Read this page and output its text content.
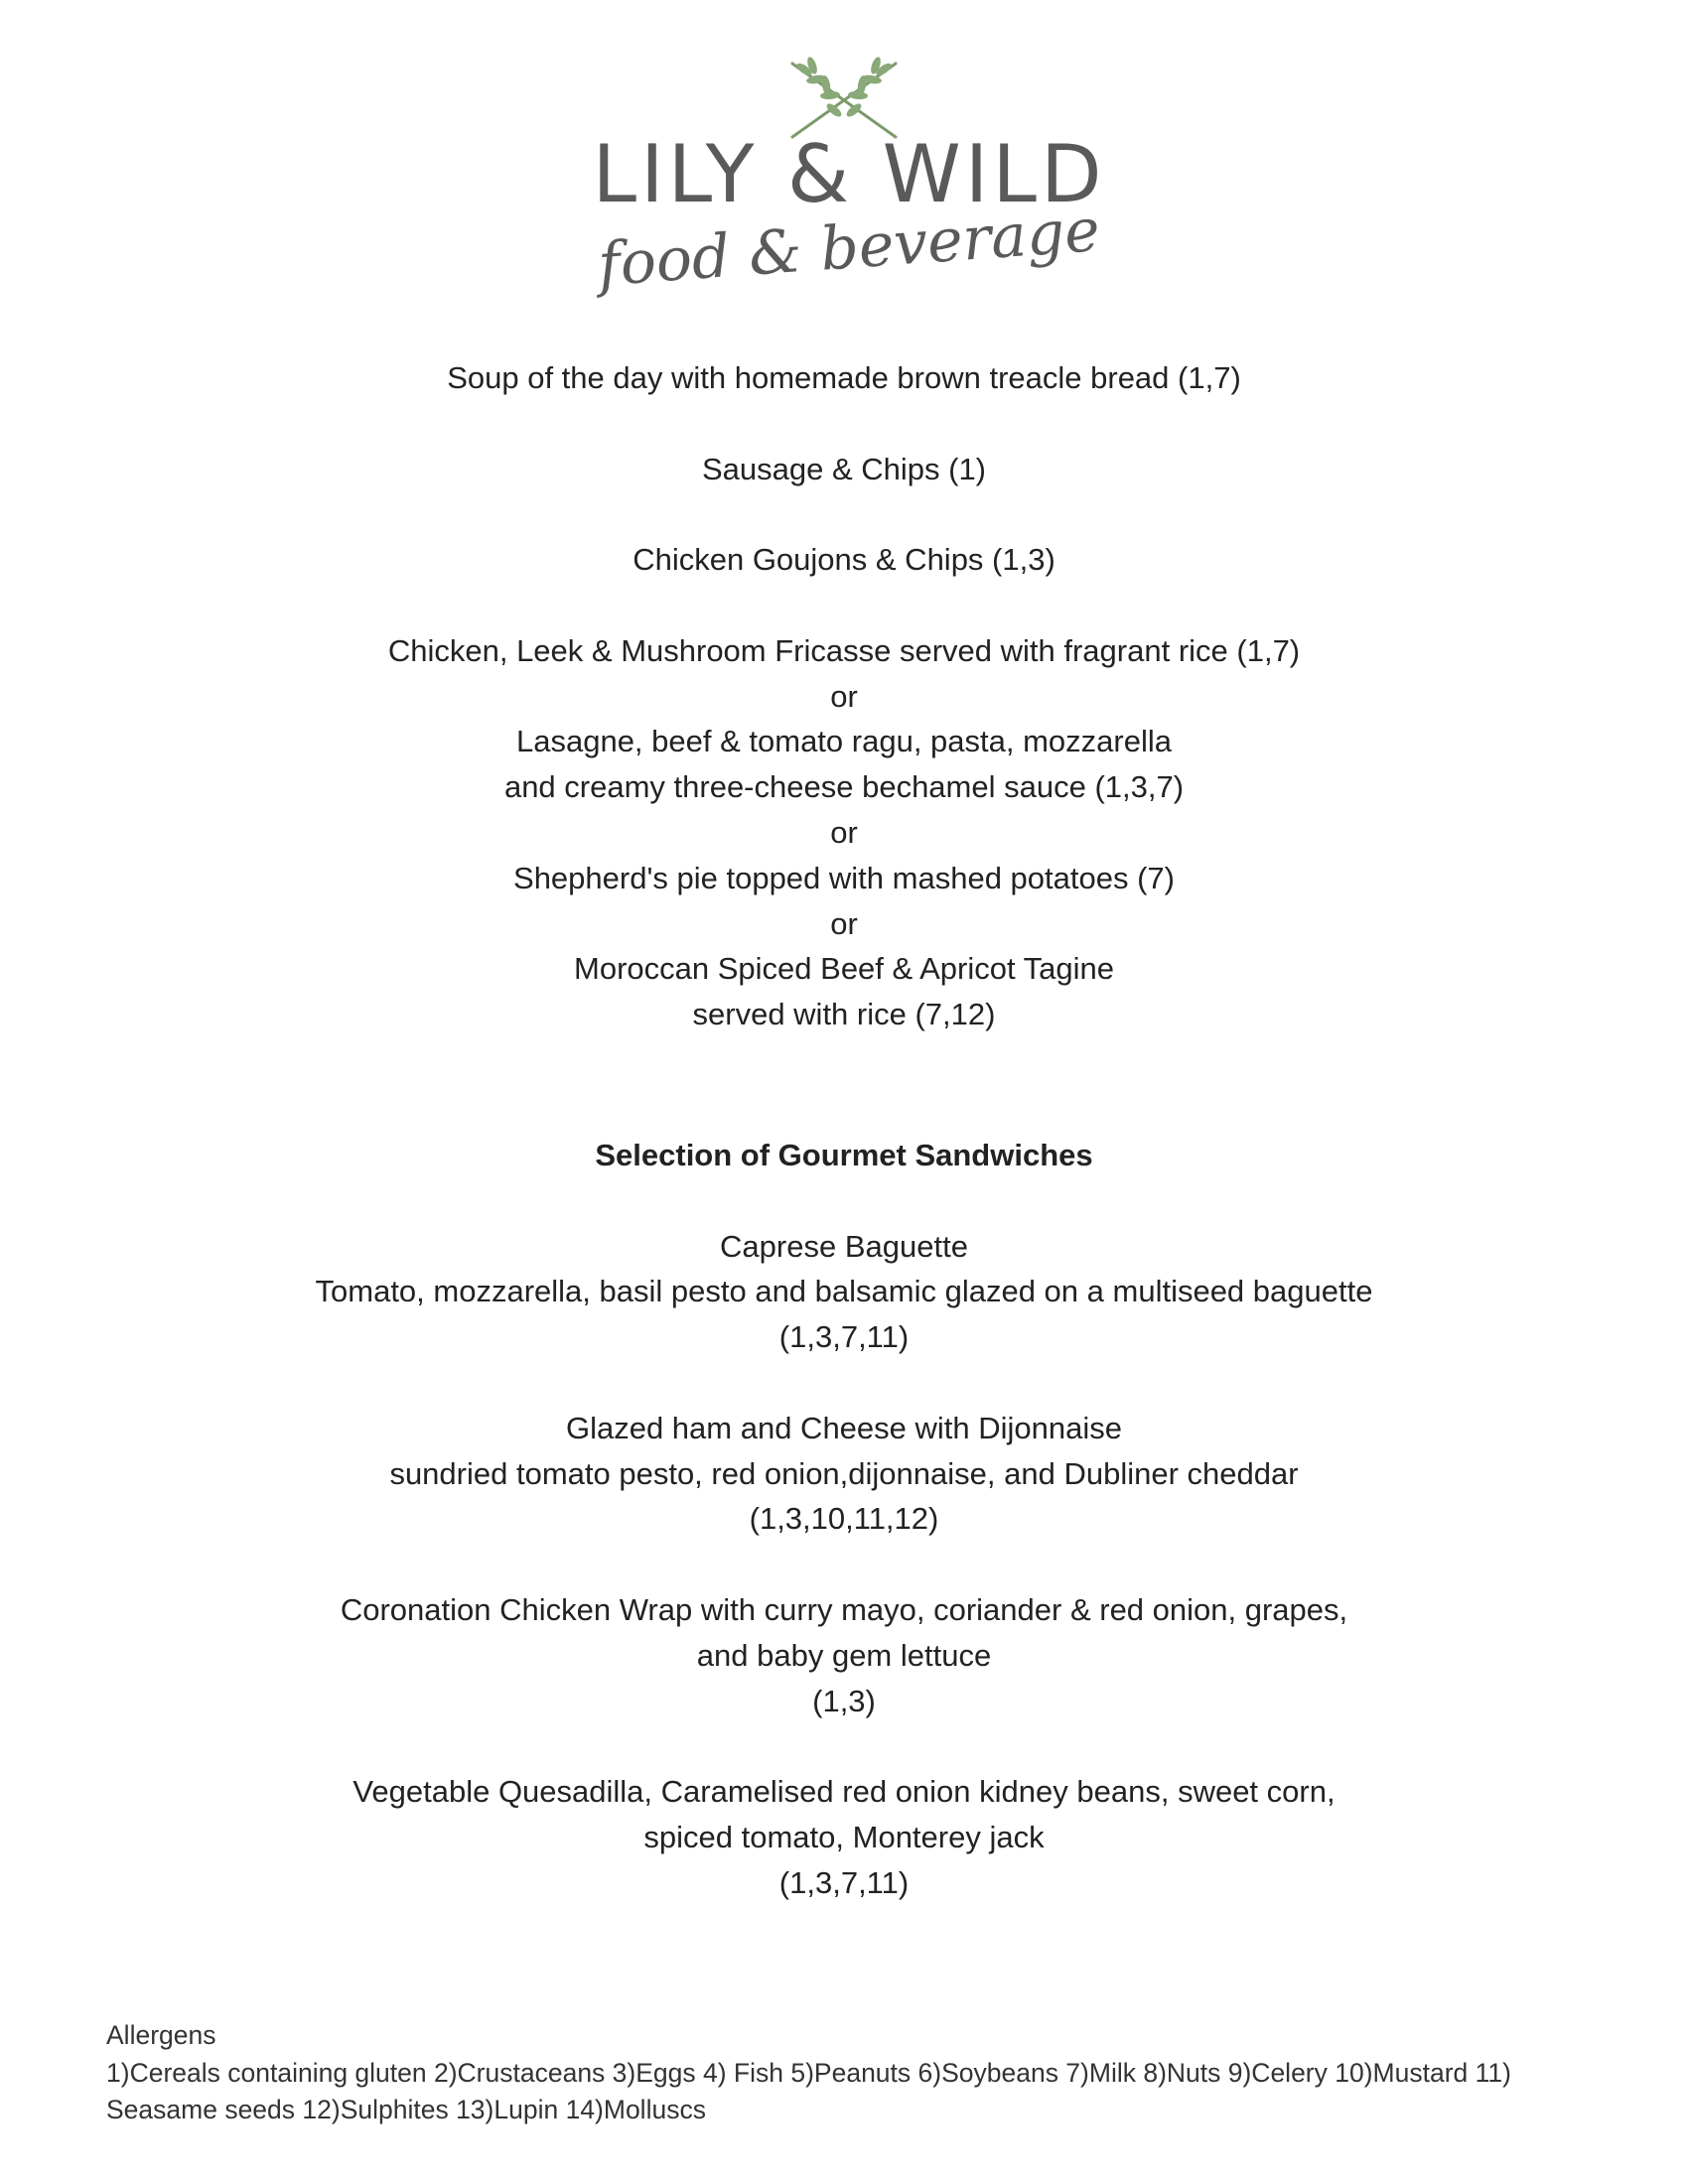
LILY & WILD
food & beverage

Soup of the day with homemade brown treacle bread (1,7)

Sausage & Chips (1)

Chicken Goujons & Chips (1,3)

Chicken, Leek & Mushroom Fricasse served with fragrant rice (1,7)

or

Lasagne, beef & tomato ragu, pasta, mozzarella

and creamy three-cheese bechamel sauce (1,3,7)

or

Shepherd's pie topped with mashed potatoes (7)

or

Moroccan Spiced Beef & Apricot Tagine

served with rice (7,12)

Selection of Gourmet Sandwiches

Caprese Baguette

Tomato, mozzarella, basil pesto and balsamic glazed on a multiseed baguette

(1,3,7,11)

Glazed ham and Cheese with Dijonnaise

sundried tomato pesto, red onion,dijonnaise, and Dubliner cheddar

(1,3,10,11,12)

Coronation Chicken Wrap with curry mayo, coriander & red onion, grapes,

and baby gem lettuce

(1,3)

Vegetable Quesadilla, Caramelised red onion kidney beans, sweet corn,

spiced tomato, Monterey jack

(1,3,7,11)

Allergens

1)Cereals containing gluten 2)Crustaceans 3)Eggs 4) Fish 5)Peanuts 6)Soybeans 7)Milk 8)Nuts 9)Celery 10)Mustard 11)

Seasame seeds 12)Sulphites 13)Lupin 14)Molluscs
